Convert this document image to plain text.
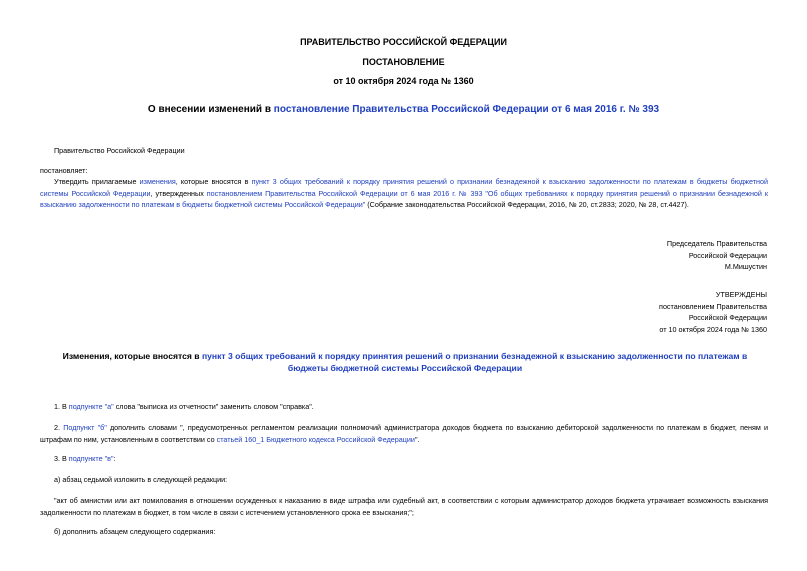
ПРАВИТЕЛЬСТВО РОССИЙСКОЙ ФЕДЕРАЦИИ
ПОСТАНОВЛЕНИЕ
от 10 октября 2024 года № 1360
О внесении изменений в постановление Правительства Российской Федерации от 6 мая 2016 г. № 393
Правительство Российской Федерации
постановляет:
Утвердить прилагаемые изменения, которые вносятся в пункт 3 общих требований к порядку принятия решений о признании безнадежной к взысканию задолженности по платежам в бюджеты бюджетной системы Российской Федерации, утвержденных постановлением Правительства Российской Федерации от 6 мая 2016 г. № 393 "Об общих требованиях к порядку принятия решений о признании безнадежной к взысканию задолженности по платежам в бюджеты бюджетной системы Российской Федерации" (Собрание законодательства Российской Федерации, 2016, № 20, ст.2833; 2020, № 28, ст.4427).
Председатель Правительства
Российской Федерации
М.Мишустин
УТВЕРЖДЕНЫ
постановлением Правительства
Российской Федерации
от 10 октября 2024 года № 1360
Изменения, которые вносятся в пункт 3 общих требований к порядку принятия решений о признании безнадежной к взысканию задолженности по платежам в бюджеты бюджетной системы Российской Федерации
1. В подпункте "а" слова "выписка из отчетности" заменить словом "справка".
2. Подпункт "б" дополнить словами ", предусмотренных регламентом реализации полномочий администратора доходов бюджета по взысканию дебиторской задолженности по платежам в бюджет, пеням и штрафам по ним, установленным в соответствии со статьей 160_1 Бюджетного кодекса Российской Федерации".
3. В подпункте "в":
а) абзац седьмой изложить в следующей редакции:
"акт об амнистии или акт помилования в отношении осужденных к наказанию в виде штрафа или судебный акт, в соответствии с которым администратор доходов бюджета утрачивает возможность взыскания задолженности по платежам в бюджет, в том числе в связи с истечением установленного срока ее взыскания;";
б) дополнить абзацем следующего содержания:
